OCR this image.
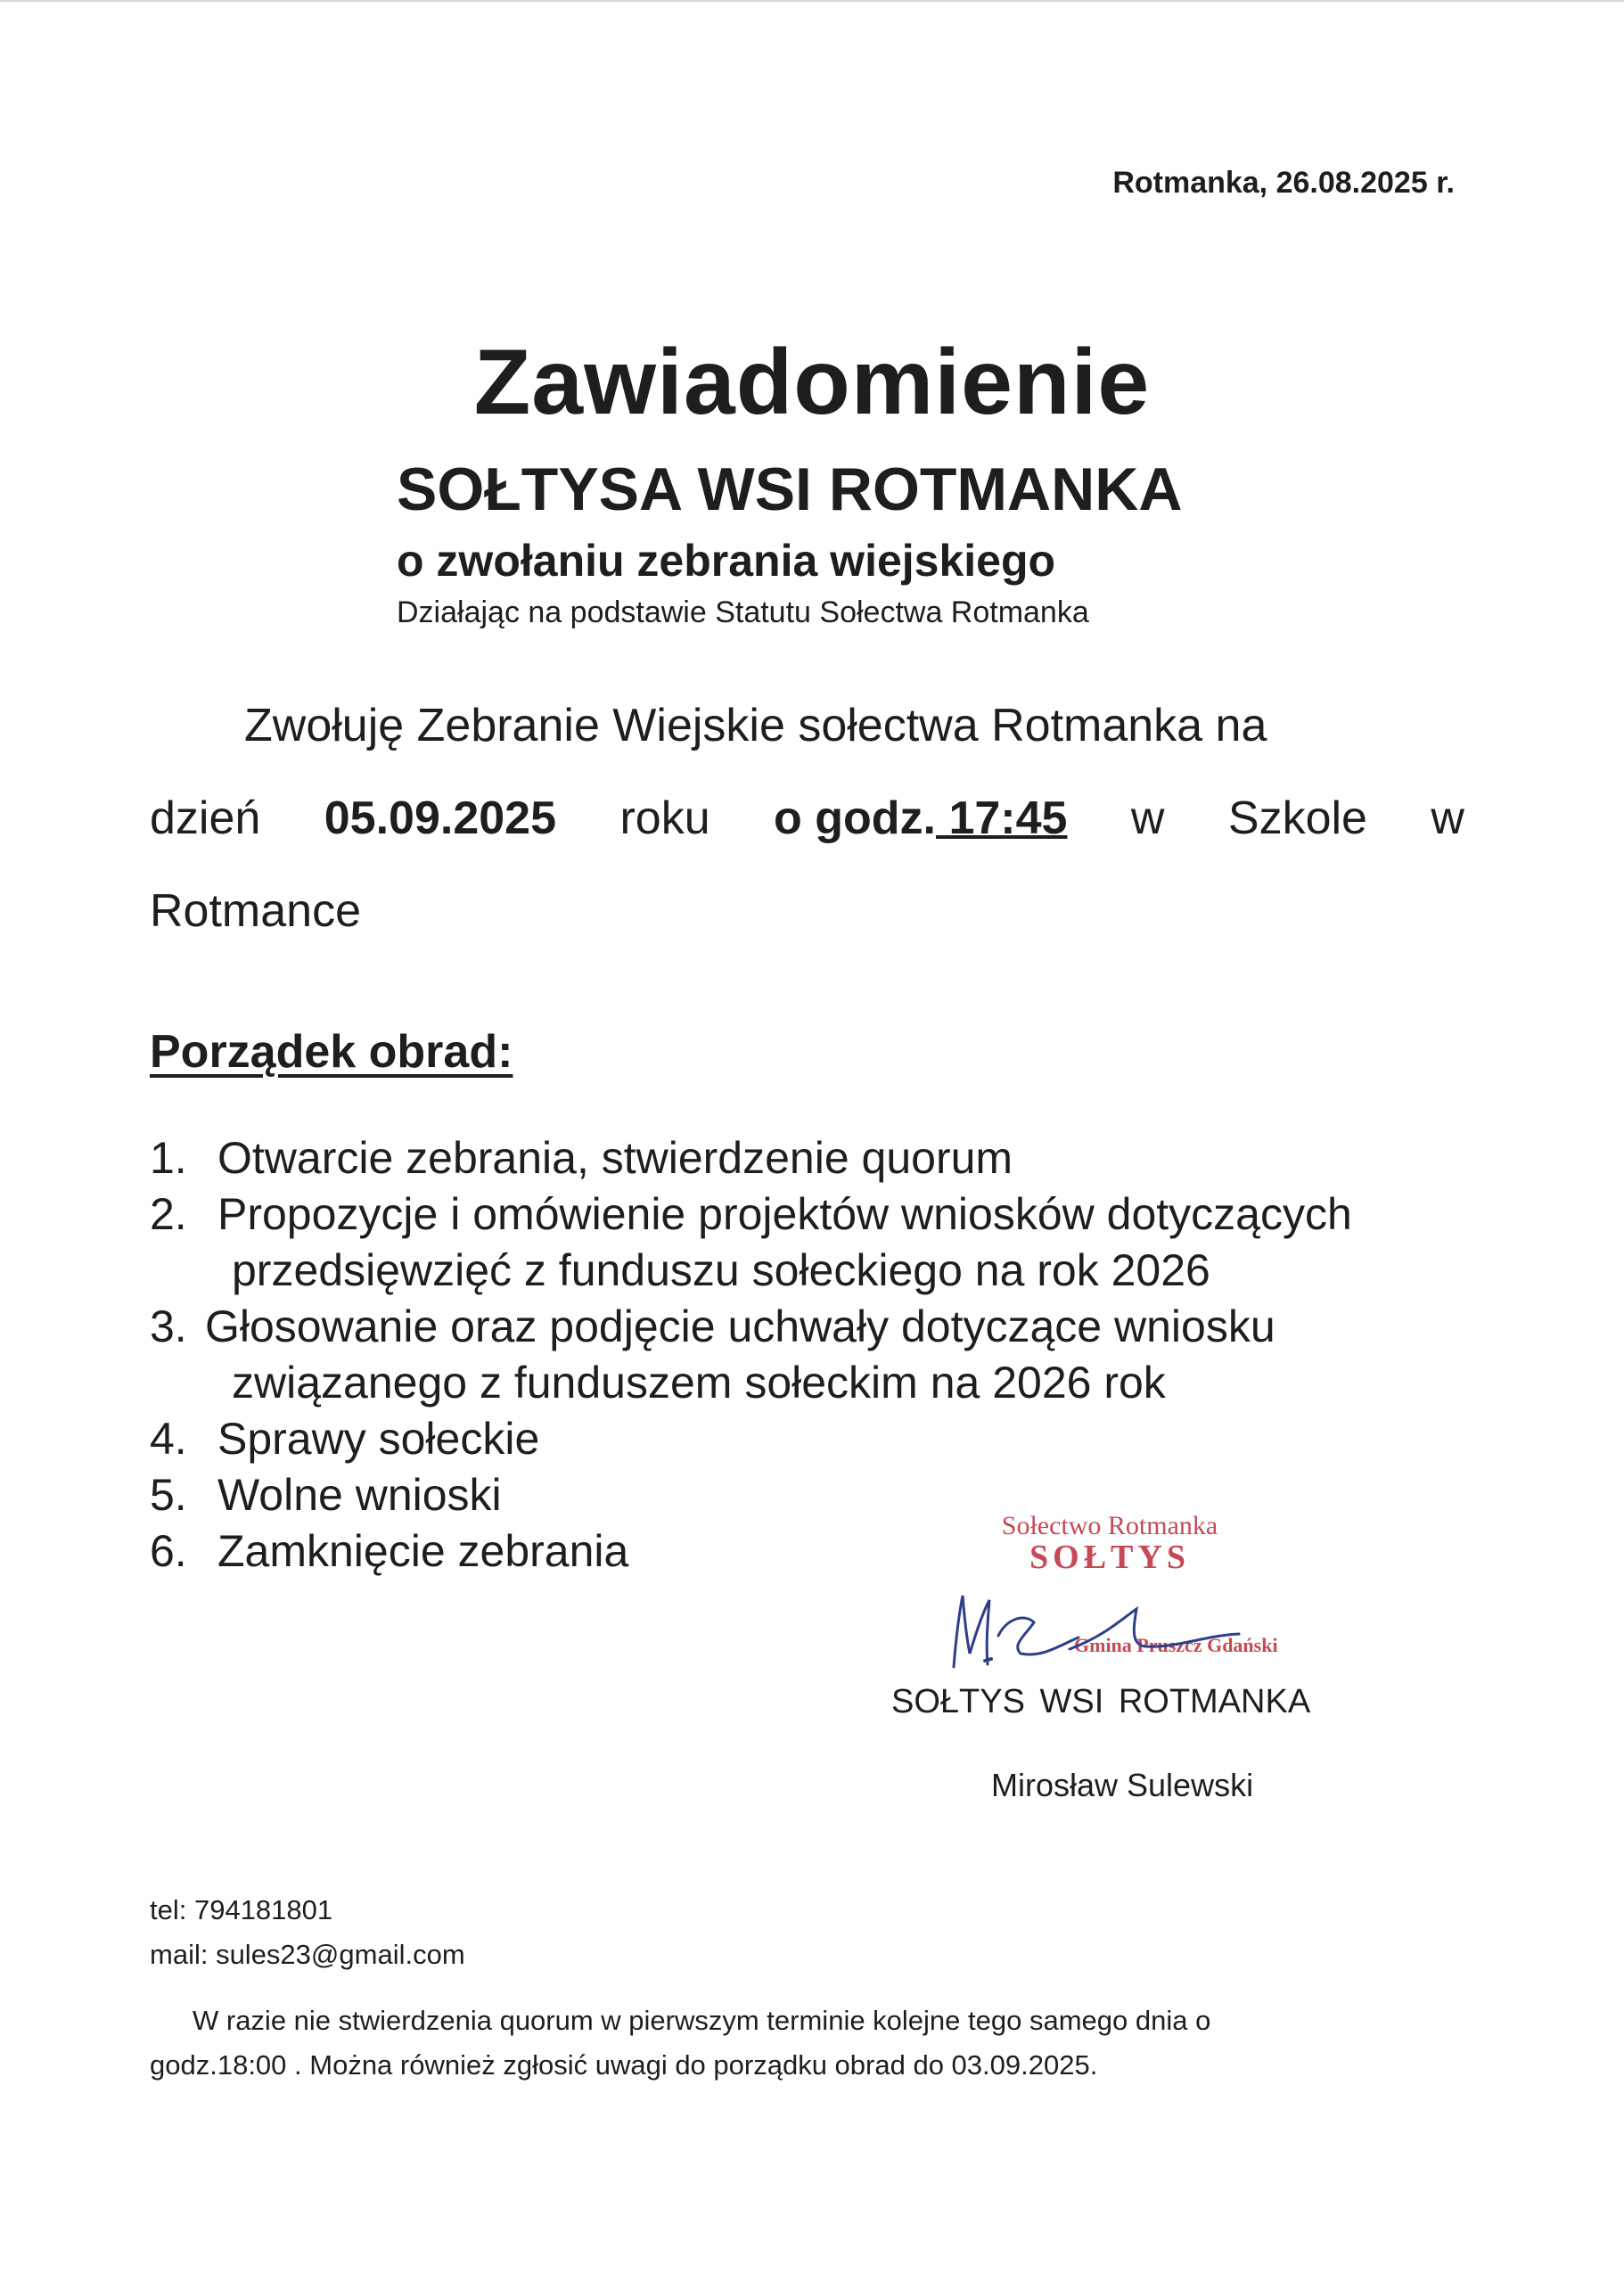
Rotmanka, 26.08.2025 r.

Zawiadomienie
SOŁTYSA WSI ROTMANKA
o zwołaniu zebrania wiejskiego

Działając na podstawie Statutu Sołectwa Rotmanka

Zwołuję Zebranie Wiejskie sołectwa Rotmanka na
dzień 05.09.2025 roku o godz. 17:45 w Szkole w
Rotmance

Porządek obrad:

1. Otwarcie zebrania, stwierdzenie quorum
2. Propozycje i omówienie projektów wniosków dotyczących
przedsięwzięć z funduszu sołeckiego na rok 2026
3. Głosowanie oraz podjęcie uchwały dotyczące wniosku
związanego z funduszem sołeckim na 2026 rok
4. Sprawy sołeckie
5. Wolne wnioski
6. Zamknięcie zebrania
Sołectwo Rotmanka
SOŁTYS
Gmina Pruszcz Gdański

SOŁTYS WSI ROTMANKA

Mirosław Sulewski

tel: 794181801
mail: sules23@gmail.com
W razie nie stwierdzenia quorum w pierwszym terminie kolejne tego samego dnia o
godz.18:00 . Można również zgłosić uwagi do porządku obrad do 03.09.2025.
